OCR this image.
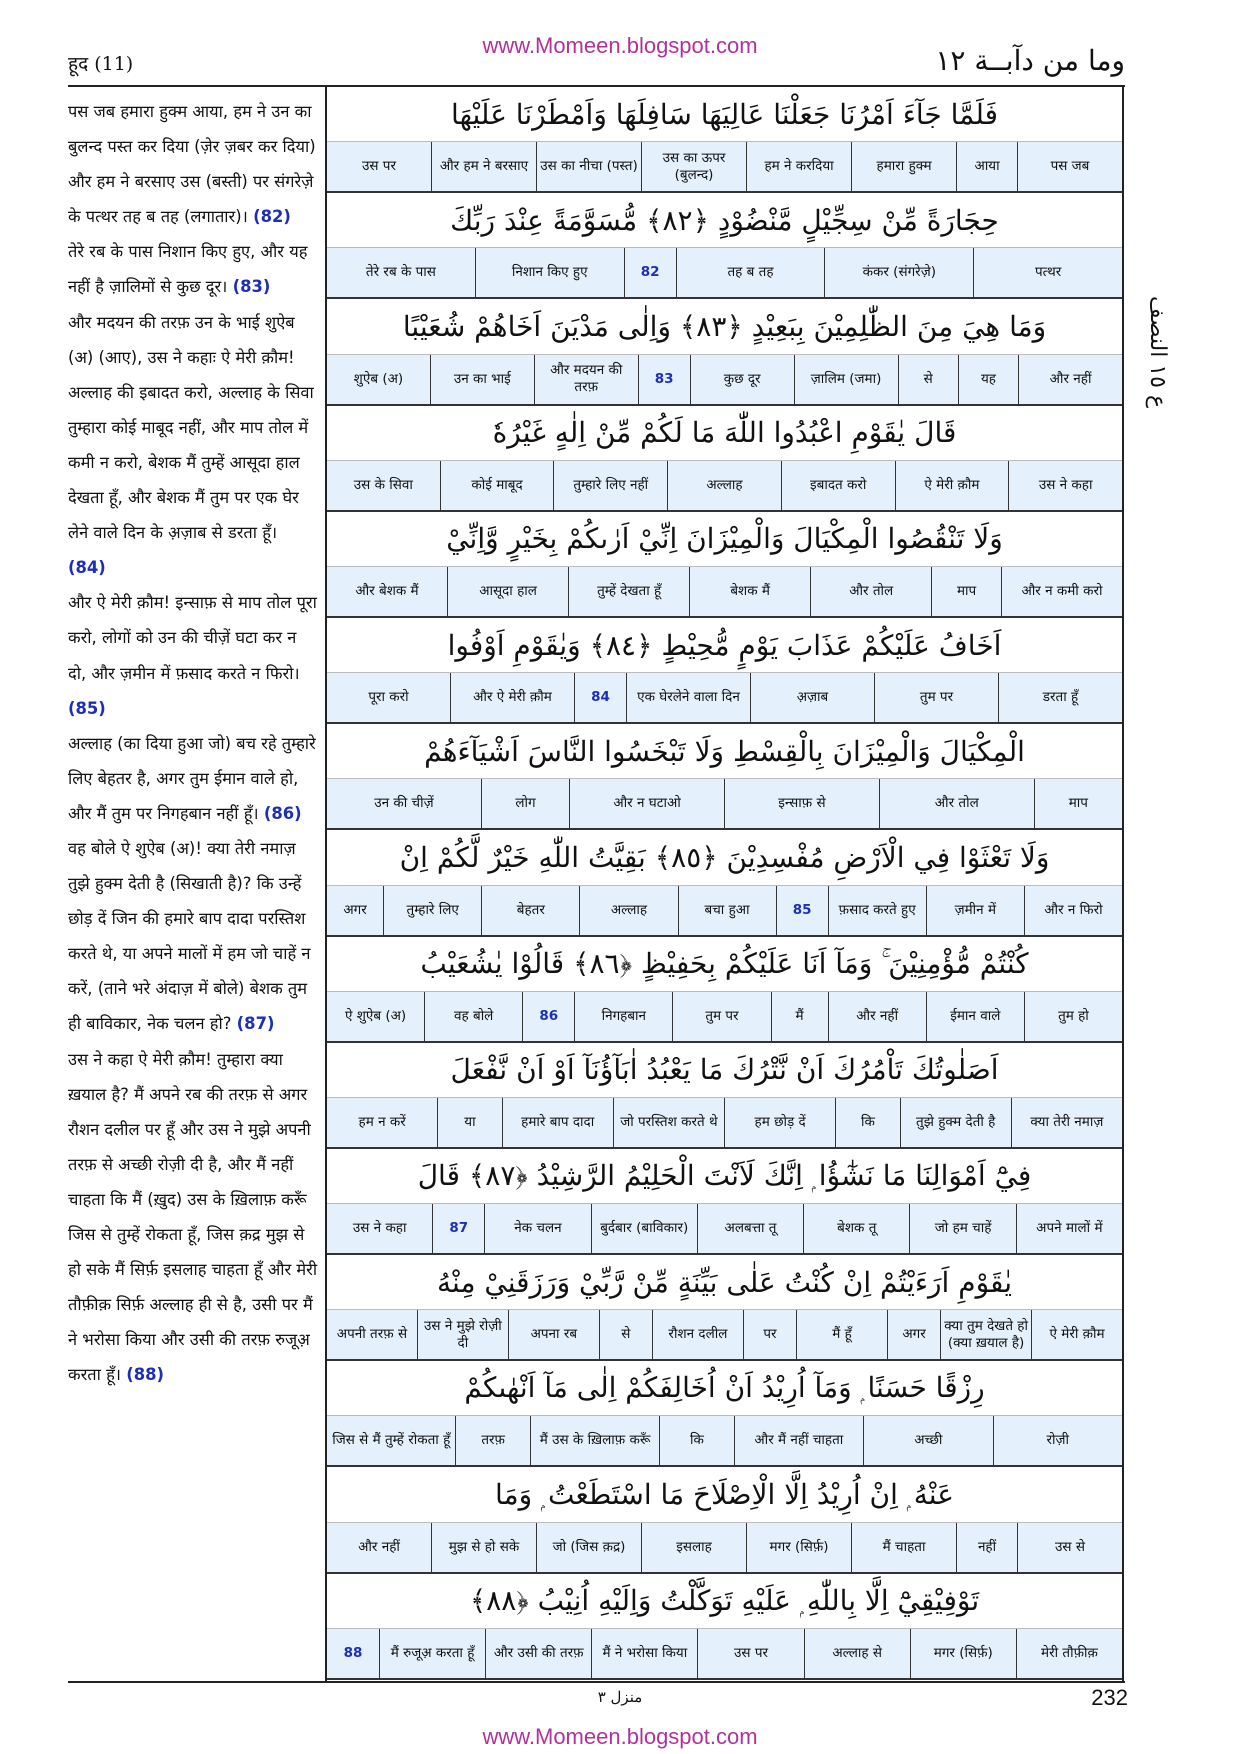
www.Momeen.blogspot.com
हूद (11)	وما من دآبــة ١٢

पस जब हमारा हुक्म आया, हम ने उन का बुलन्द पस्त कर दिया (ज़ेर ज़बर कर दिया) और हम ने बरसाए उस (बस्ती) पर संगरेज़े के पत्थर तह ब तह (लगातार)। (82)

तेरे रब के पास निशान किए हुए, और यह नहीं है ज़ालिमों से कुछ दूर। (83)

और मदयन की तरफ़ उन के भाई शुऐब (अ) (आए), उस ने कहाः ऐ मेरी क़ौम! अल्लाह की इबादत करो, अल्लाह के सिवा तुम्हारा कोई माबूद नहीं, और माप तोल में कमी न करो, बेशक मैं तुम्हें आसूदा हाल देखता हूँ, और बेशक मैं तुम पर एक घेर लेने वाले दिन के अ़ज़ाब से डरता हूँ। (84)

और ऐ मेरी क़ौम! इन्साफ़ से माप तोल पूरा करो, लोगों को उन की चीज़ें घटा कर न दो, और ज़मीन में फ़साद करते न फिरो। (85)

अल्लाह (का दिया हुआ जो) बच रहे तुम्हारे लिए बेहतर है, अगर तुम ईमान वाले हो, और मैं तुम पर निगहबान नहीं हूँ। (86)

वह बोले ऐ शुऐब (अ)! क्या तेरी नमाज़ तुझे हुक्म देती है (सिखाती है)? कि उन्हें छोड़ दें जिन की हमारे बाप दादा परस्तिश करते थे, या अपने मालों में हम जो चाहें न करें, (ताने भरे अंदाज़ में बोले) बेशक तुम ही बाविकार, नेक चलन हो? (87)

उस ने कहा ऐ मेरी क़ौम! तुम्हारा क्या ख़याल है? मैं अपने रब की तरफ़ से अगर रौशन दलील पर हूँ और उस ने मुझे अपनी तरफ़ से अच्छी रोज़ी दी है, और मैं नहीं चाहता कि मैं (ख़ुद) उस के ख़िलाफ़ करूँ जिस से तुम्हें रोकता हूँ, जिस क़द्र मुझ से हो सके मैं सिर्फ़ इसलाह चाहता हूँ और मेरी तौफ़ीक़ सिर्फ़ अल्लाह ही से है, उसी पर मैं ने भरोसा किया और उसी की तरफ़ रुजूअ़ करता हूँ। (88)

فَلَمَّا جَآءَ اَمْرُنَا جَعَلْنَا عَالِيَهَا سَافِلَهَا وَاَمْطَرْنَا عَلَيْهَا
पस जब
आया
हमारा हुक्म
हम ने करदिया
उस का ऊपर (बुलन्द)
उस का नीचा (पस्त)
और हम ने बरसाए
उस पर
حِجَارَةً مِّنْ سِجِّيْلٍ مَّنْضُوْدٍ ﴿٨٢﴾ مُّسَوَّمَةً عِنْدَ رَبِّكَ
पत्थर
कंकर (संगरेज़े)
तह ब तह
82
निशान किए हुए
तेरे रब के पास
وَمَا هِيَ مِنَ الظّٰلِمِيْنَ بِبَعِيْدٍ ﴿٨٣﴾ وَاِلٰى مَدْيَنَ اَخَاهُمْ شُعَيْبًا
और नहीं
यह
से
ज़ालिम (जमा)
कुछ दूर
83
और मदयन की तरफ़
उन का भाई
शुऐब (अ)
قَالَ يٰقَوْمِ اعْبُدُوا اللّٰهَ مَا لَكُمْ مِّنْ اِلٰهٍ غَيْرُهٗ
उस ने कहा
ऐ मेरी क़ौम
इबादत करो
अल्लाह
तुम्हारे लिए नहीं
कोई माबूद
उस के सिवा
وَلَا تَنْقُصُوا الْمِكْيَالَ وَالْمِيْزَانَ اِنِّيْ اَرٰىكُمْ بِخَيْرٍ وَّاِنِّيْ
और न कमी करो
माप
और तोल
बेशक मैं
तुम्हें देखता हूँ
आसूदा हाल
और बेशक मैं
اَخَافُ عَلَيْكُمْ عَذَابَ يَوْمٍ مُّحِيْطٍ ﴿٨٤﴾ وَيٰقَوْمِ اَوْفُوا
डरता हूँ
तुम पर
अ़ज़ाब
एक घेरलेने वाला दिन
84
और ऐ मेरी क़ौम
पूरा करो
الْمِكْيَالَ وَالْمِيْزَانَ بِالْقِسْطِ وَلَا تَبْخَسُوا النَّاسَ اَشْيَآءَهُمْ
माप
और तोल
इन्साफ़ से
और न घटाओ
लोग
उन की चीज़ें
وَلَا تَعْثَوْا فِي الْاَرْضِ مُفْسِدِيْنَ ﴿٨٥﴾ بَقِيَّتُ اللّٰهِ خَيْرٌ لَّكُمْ اِنْ
और न फिरो
ज़मीन में
फ़साद करते हुए
85
बचा हुआ
अल्लाह
बेहतर
तुम्हारे लिए
अगर
كُنْتُمْ مُّؤْمِنِيْنَ ۚ وَمَآ اَنَا عَلَيْكُمْ بِحَفِيْظٍ ﴿٨٦﴾ قَالُوْا يٰشُعَيْبُ
तुम हो
ईमान वाले
और नहीं
मैं
तुम पर
निगहबान
86
वह बोले
ऐ शुऐब (अ)
اَصَلٰوتُكَ تَاْمُرُكَ اَنْ نَّتْرُكَ مَا يَعْبُدُ اٰبَآؤُنَآ اَوْ اَنْ نَّفْعَلَ
क्या तेरी नमाज़
तुझे हुक्म देती है
कि
हम छोड़ दें
जो परस्तिश करते थे
हमारे बाप दादा
या
हम न करें
فِيْٓ اَمْوَالِنَا مَا نَشٰٓؤُا ۭ اِنَّكَ لَاَنْتَ الْحَلِيْمُ الرَّشِيْدُ ﴿٨٧﴾ قَالَ
अपने मालों में
जो हम चाहें
बेशक तू
अलबत्ता तू
बुर्दबार (बाविकार)
नेक चलन
87
उस ने कहा
يٰقَوْمِ اَرَءَيْتُمْ اِنْ كُنْتُ عَلٰى بَيِّنَةٍ مِّنْ رَّبِّيْ وَرَزَقَنِيْ مِنْهُ
ऐ मेरी क़ौम
क्या तुम देखते हो (क्या ख़याल है)
अगर
मैं हूँ
पर
रौशन दलील
से
अपना रब
उस ने मुझे रोज़ी दी
अपनी तरफ़ से
رِزْقًا حَسَنًا ۭ وَمَآ اُرِيْدُ اَنْ اُخَالِفَكُمْ اِلٰى مَآ اَنْهٰىكُمْ
रोज़ी
अच्छी
और मैं नहीं चाहता
कि
मैं उस के ख़िलाफ़ करूँ
तरफ़
जिस से मैं तुम्हें रोकता हूँ
عَنْهُ ۭ اِنْ اُرِيْدُ اِلَّا الْاِصْلَاحَ مَا اسْتَطَعْتُ ۭ وَمَا
उस से
नहीं
मैं चाहता
मगर (सिर्फ़)
इसलाह
जो (जिस क़द्र)
मुझ से हो सके
और नहीं
تَوْفِيْقِيْٓ اِلَّا بِاللّٰهِ ۭ عَلَيْهِ تَوَكَّلْتُ وَاِلَيْهِ اُنِيْبُ ﴿٨٨﴾
मेरी तौफ़ीक़
मगर (सिर्फ़)
अल्लाह से
उस पर
मैं ने भरोसा किया
और उसी की तरफ़
मैं रुजूअ़ करता हूँ
88
ع ١٥ النصف
منزل ٣	232
www.Momeen.blogspot.com
